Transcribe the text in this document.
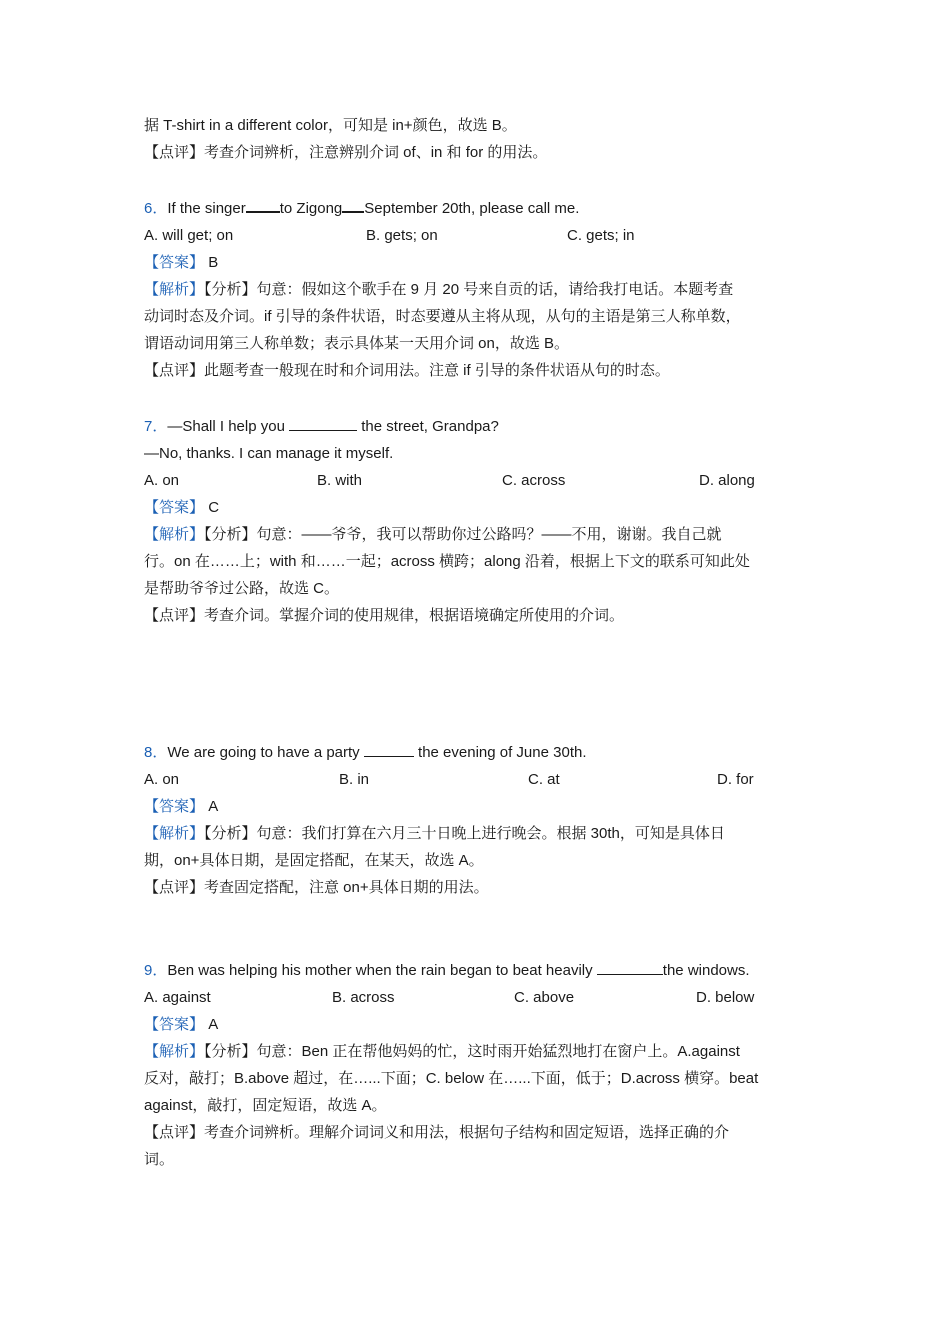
据 T-shirt in a different color，可知是 in+颜色，故选 B。
【点评】考查介词辨析，注意辨别介词 of、in 和 for 的用法。
6．If the singer to Zigong September 20th, please call me.
A. will get; on	B. gets; on	C. gets; in
【答案】 B
【解析】【分析】句意：假如这个歌手在 9 月 20 号来自贡的话，请给我打电话。本题考查
动词时态及介词。if 引导的条件状语，时态要遵从主将从现，从句的主语是第三人称单数，
谓语动词用第三人称单数；表示具体某一天用介词 on，故选 B。
【点评】此题考查一般现在时和介词用法。注意 if 引导的条件状语从句的时态。
7．—Shall I help you	the street, Grandpa?
—No, thanks. I can manage it myself.
A. on	B. with	C. across	D. along
【答案】 C
【解析】【分析】句意：——爷爷，我可以帮助你过公路吗？——不用，谢谢。我自己就
行。on 在……上；with 和……一起；across 横跨；along 沿着，根据上下文的联系可知此处
是帮助爷爷过公路，故选 C。
【点评】考查介词。掌握介词的使用规律，根据语境确定所使用的介词。
8．We are going to have a party	the evening of June 30th.
A. on	B. in	C. at	D. for
【答案】 A
【解析】【分析】句意：我们打算在六月三十日晚上进行晚会。根据 30th，可知是具体日
期，on+具体日期，是固定搭配，在某天，故选 A。
【点评】考查固定搭配，注意 on+具体日期的用法。
9．Ben was helping his mother when the rain began to beat heavily	the windows.
A. against	B. across	C. above	D. below
【答案】 A
【解析】【分析】句意：Ben 正在帮他妈妈的忙，这时雨开始猛烈地打在窗户上。A.against
反对，敲打；B.above 超过，在…...下面；C. below 在…...下面，低于；D.across 横穿。beat
against，敲打，固定短语，故选 A。
【点评】考查介词辨析。理解介词词义和用法，根据句子结构和固定短语，选择正确的介
词。
